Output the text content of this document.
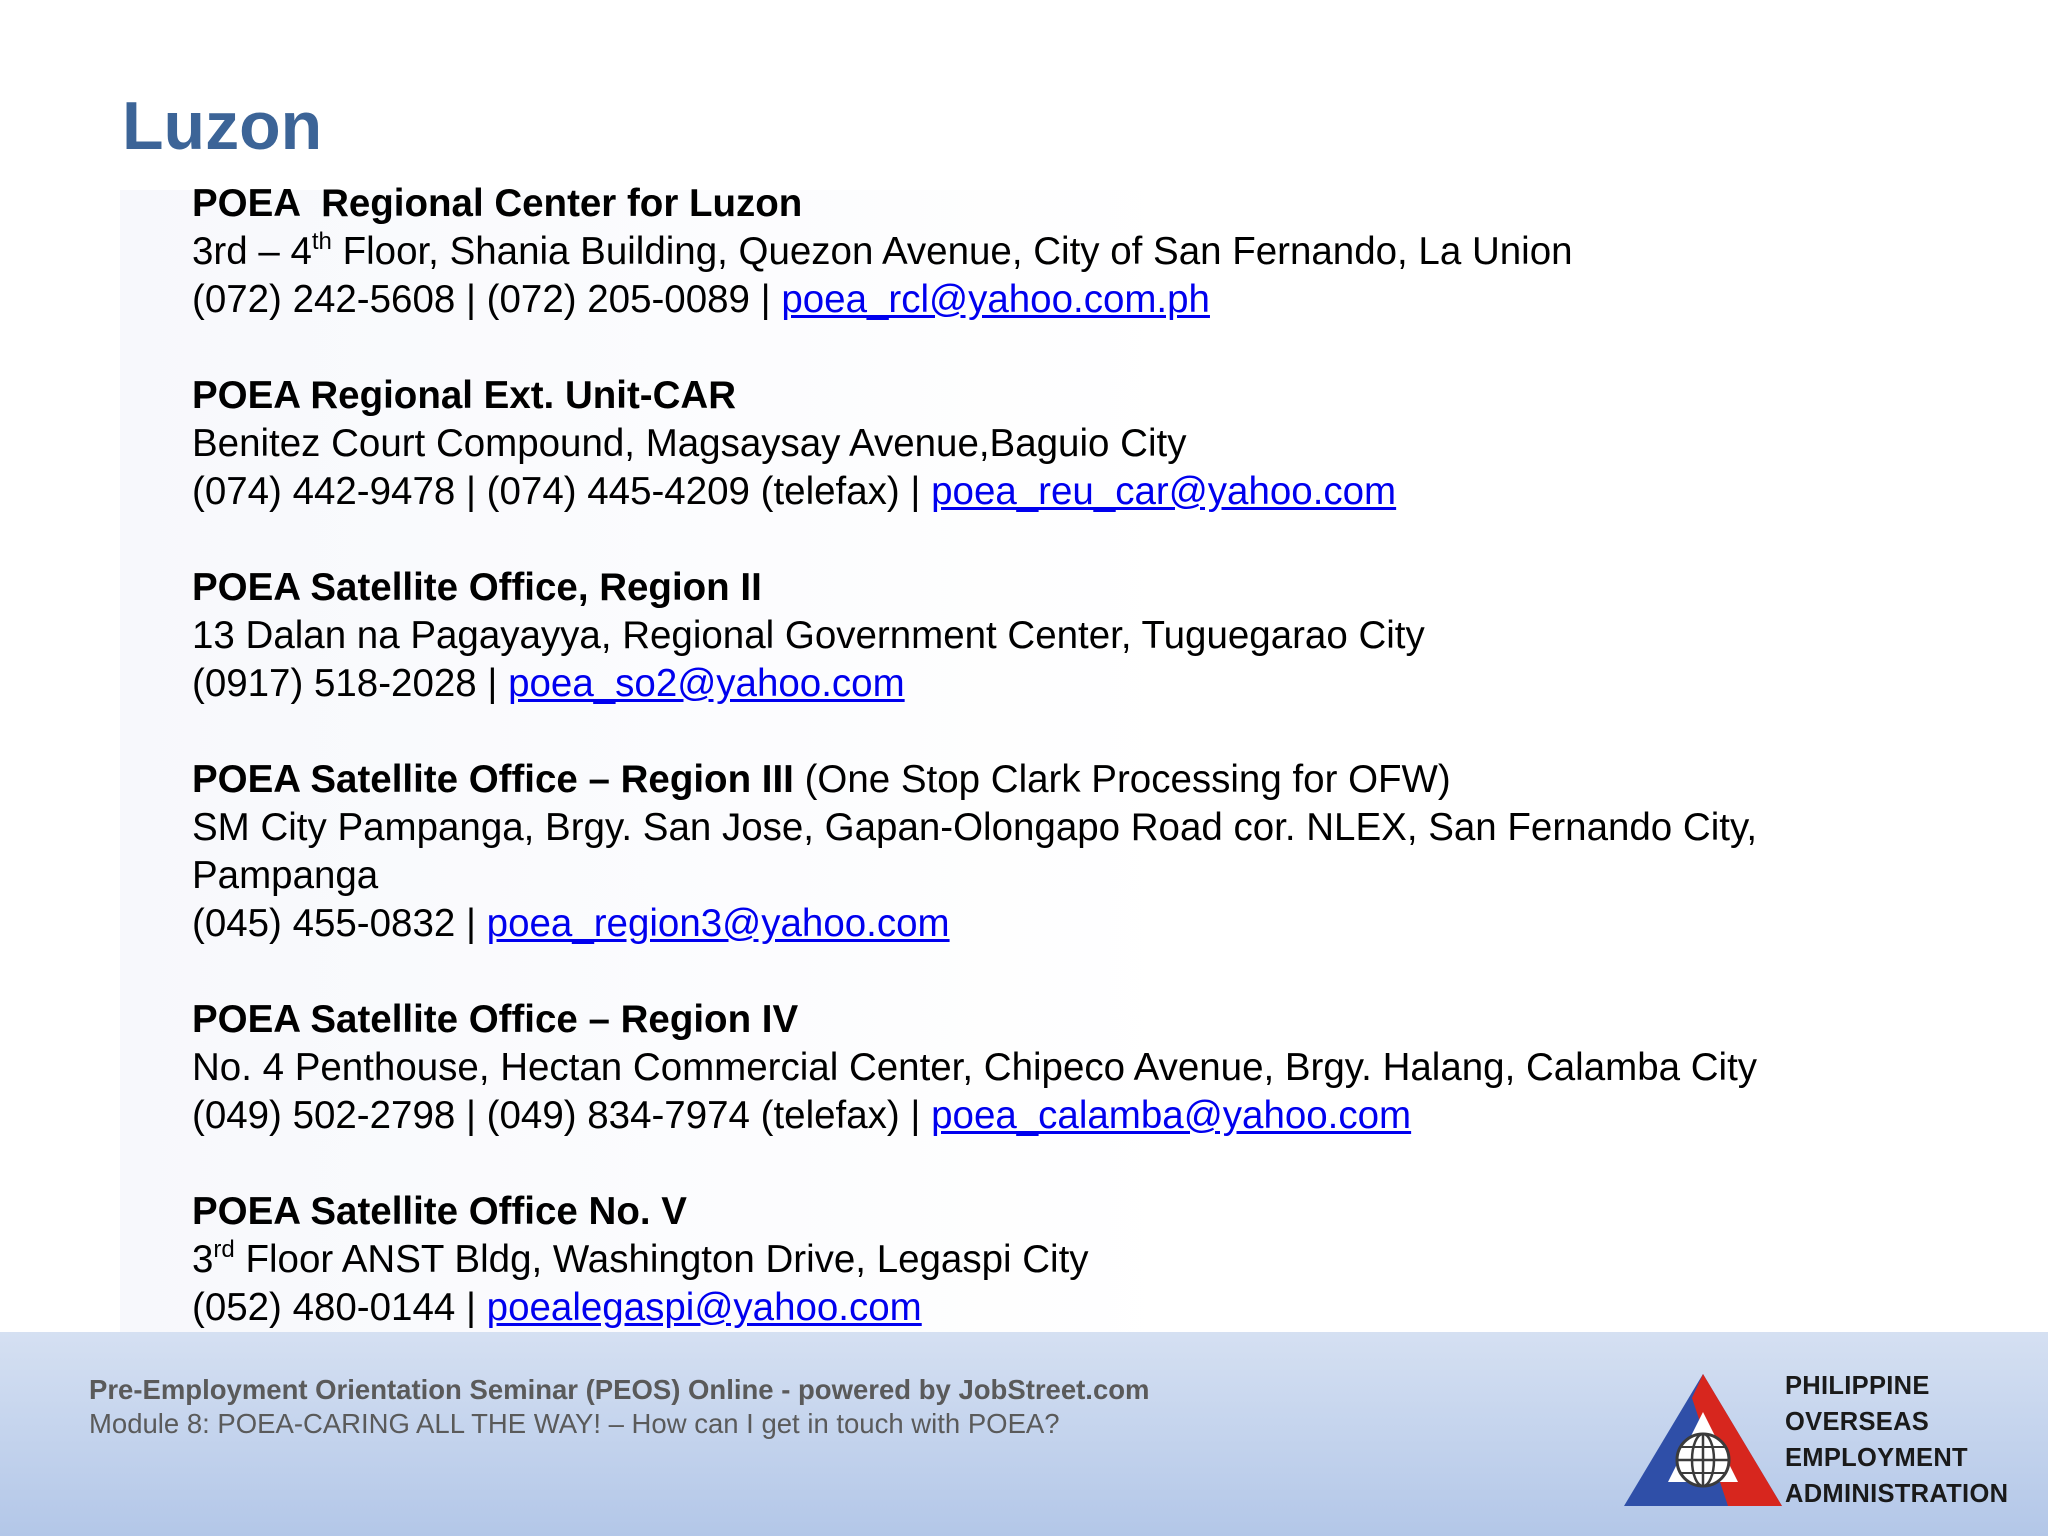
Luzon
POEA  Regional Center for Luzon
3rd – 4th Floor, Shania Building, Quezon Avenue, City of San Fernando, La Union
(072) 242-5608 | (072) 205-0089 | poea_rcl@yahoo.com.ph
POEA Regional Ext. Unit-CAR
Benitez Court Compound, Magsaysay Avenue,Baguio City
(074) 442-9478 | (074) 445-4209 (telefax) | poea_reu_car@yahoo.com
POEA Satellite Office, Region II
13 Dalan na Pagayayya, Regional Government Center, Tuguegarao City
(0917) 518-2028 | poea_so2@yahoo.com
POEA Satellite Office – Region III (One Stop Clark Processing for OFW)
SM City Pampanga, Brgy. San Jose, Gapan-Olongapo Road cor. NLEX, San Fernando City,
Pampanga
(045) 455-0832 | poea_region3@yahoo.com
POEA Satellite Office – Region IV
No. 4 Penthouse, Hectan Commercial Center, Chipeco Avenue, Brgy. Halang, Calamba City
(049) 502-2798 | (049) 834-7974 (telefax) | poea_calamba@yahoo.com
POEA Satellite Office No. V
3rd Floor ANST Bldg, Washington Drive, Legaspi City
(052) 480-0144 | poealegaspi@yahoo.com
Pre-Employment Orientation Seminar (PEOS) Online - powered by JobStreet.com
Module 8: POEA-CARING ALL THE WAY! – How can I get in touch with POEA?
PHILIPPINE
OVERSEAS
EMPLOYMENT
ADMINISTRATION
